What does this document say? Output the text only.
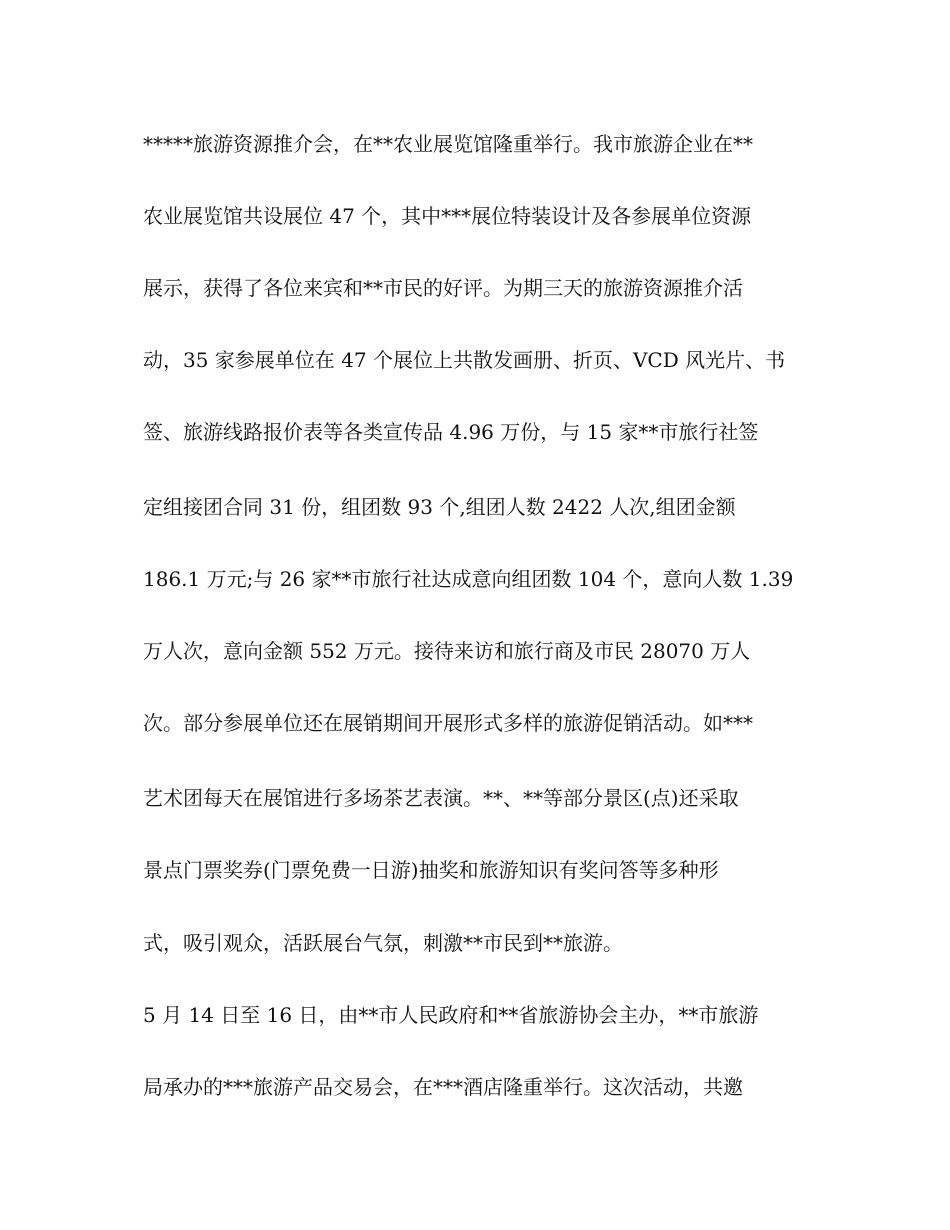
*****旅游资源推介会，在**农业展览馆隆重举行。我市旅游企业在**
农业展览馆共设展位 47 个，其中***展位特装设计及各参展单位资源
展示，获得了各位来宾和**市民的好评。为期三天的旅游资源推介活
动，35 家参展单位在 47 个展位上共散发画册、折页、VCD 风光片、书
签、旅游线路报价表等各类宣传品 4.96 万份，与 15 家**市旅行社签
定组接团合同 31 份，组团数 93 个,组团人数 2422 人次,组团金额
186.1 万元;与 26 家**市旅行社达成意向组团数 104 个，意向人数 1.39
万人次，意向金额 552 万元。接待来访和旅行商及市民 28070 万人
次。部分参展单位还在展销期间开展形式多样的旅游促销活动。如***
艺术团每天在展馆进行多场茶艺表演。**、**等部分景区(点)还采取
景点门票奖券(门票免费一日游)抽奖和旅游知识有奖问答等多种形
式，吸引观众，活跃展台气氛，刺激**市民到**旅游。
5 月 14 日至 16 日，由**市人民政府和**省旅游协会主办，**市旅游
局承办的***旅游产品交易会，在***酒店隆重举行。这次活动，共邀
